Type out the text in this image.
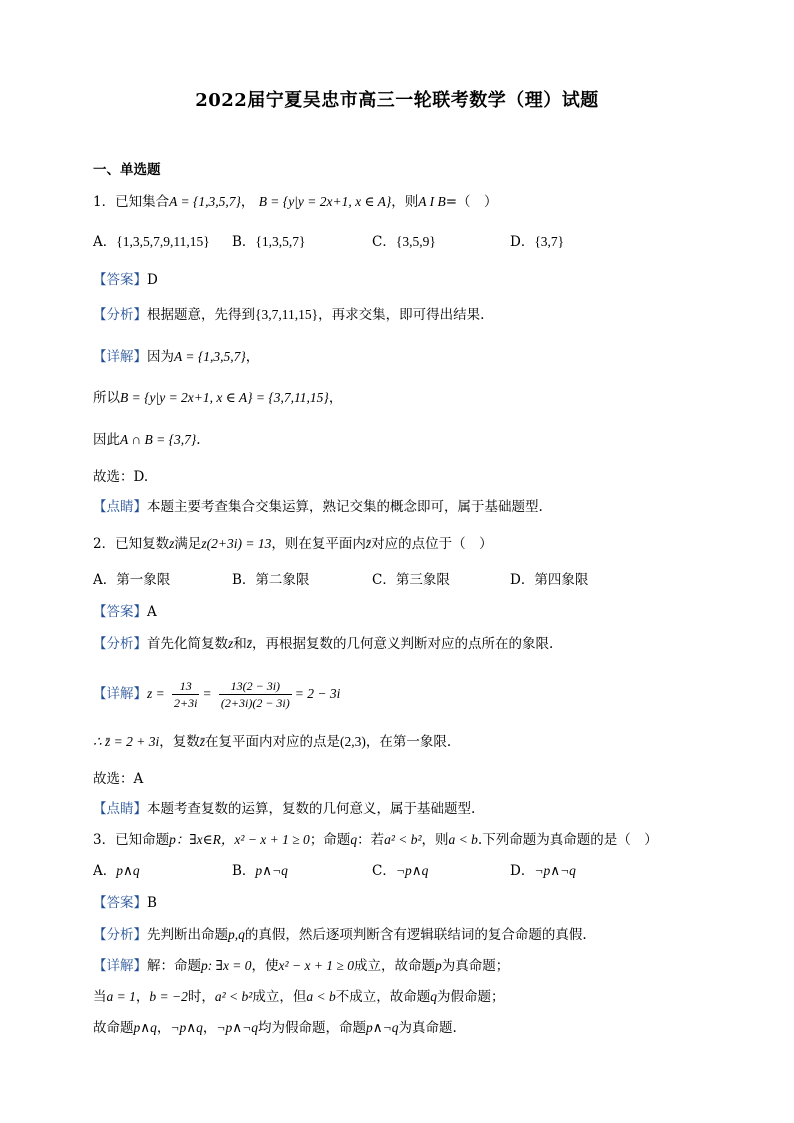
2022届宁夏吴忠市高三一轮联考数学（理）试题
一、单选题
1．已知集合A = {1,3,5,7}， B = {y|y = 2x+1, x ∈ A}，则A I B=（　）
A．{1,3,5,7,9,11,15} B．{1,3,5,7}	C．{3,5,9}	D．{3,7}
【答案】D
【分析】根据题意，先得到{3,7,11,15}，再求交集，即可得出结果.
【详解】因为A = {1,3,5,7}，
所以B = {y|y = 2x+1, x ∈ A} = {3,7,11,15}，
因此A ∩ B = {3,7}.
故选：D.
【点睛】本题主要考查集合交集运算，熟记交集的概念即可，属于基础题型.
2．已知复数z满足z(2+3i) = 13，则在复平面内z̄对应的点位于（　）
A．第一象限	B．第二象限	C．第三象限	D．第四象限
【答案】A
【分析】首先化简复数z和z̄，再根据复数的几何意义判断对应的点所在的象限.
【详解】$z = \frac{13}{2+3i} = \frac{13(2 - 3i)}{(2+3i)(2 - 3i)} = 2 - 3i$
∴ z̄ = 2 + 3i，复数z̄在复平面内对应的点是(2,3)，在第一象限.
故选：A
【点睛】本题考查复数的运算，复数的几何意义，属于基础题型.
3．已知命题p：∃x∈R，x² − x + 1 ≥ 0；命题q：若a² < b²，则a < b.下列命题为真命题的是（　）
A．p∧q	B．p∧¬q	C．¬p∧q	D．¬p∧¬q
【答案】B
【分析】先判断出命题p,q的真假，然后逐项判断含有逻辑联结词的复合命题的真假.
【详解】解：命题p: ∃x = 0，使x² − x + 1 ≥ 0成立，故命题p为真命题；
当a = 1，b = −2时，a² < b²成立，但a < b不成立，故命题q为假命题；
故命题p∧q，¬p∧q，¬p∧¬q均为假命题，命题p∧¬q为真命题.
